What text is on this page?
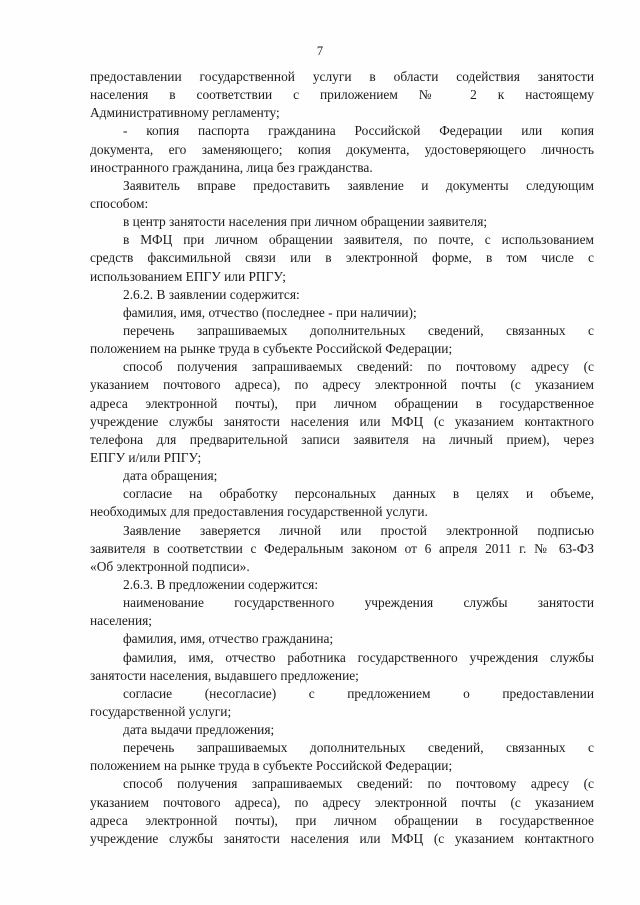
7
предоставлении государственной услуги в области содействия занятости
населения в соответствии с приложением № 2 к настоящему
Административному регламенту;
- копия паспорта гражданина Российской Федерации или копия
документа, его заменяющего; копия документа, удостоверяющего личность
иностранного гражданина, лица без гражданства.
Заявитель вправе предоставить заявление и документы следующим
способом:
в центр занятости населения при личном обращении заявителя;
в МФЦ при личном обращении заявителя, по почте, с использованием
средств факсимильной связи или в электронной форме, в том числе с
использованием ЕПГУ или РПГУ;
2.6.2. В заявлении содержится:
фамилия, имя, отчество (последнее - при наличии);
перечень запрашиваемых дополнительных сведений, связанных с
положением на рынке труда в субъекте Российской Федерации;
способ получения запрашиваемых сведений: по почтовому адресу (с
указанием почтового адреса), по адресу электронной почты (с указанием
адреса электронной почты), при личном обращении в государственное
учреждение службы занятости населения или МФЦ (с указанием контактного
телефона для предварительной записи заявителя на личный прием), через
ЕПГУ и/или РПГУ;
дата обращения;
согласие на обработку персональных данных в целях и объеме,
необходимых для предоставления государственной услуги.
Заявление заверяется личной или простой электронной подписью
заявителя в соответствии с Федеральным законом от 6 апреля 2011 г. № 63-ФЗ
«Об электронной подписи».
2.6.3. В предложении содержится:
наименование государственного учреждения службы занятости
населения;
фамилия, имя, отчество гражданина;
фамилия, имя, отчество работника государственного учреждения службы
занятости населения, выдавшего предложение;
согласие (несогласие) с предложением о предоставлении
государственной услуги;
дата выдачи предложения;
перечень запрашиваемых дополнительных сведений, связанных с
положением на рынке труда в субъекте Российской Федерации;
способ получения запрашиваемых сведений: по почтовому адресу (с
указанием почтового адреса), по адресу электронной почты (с указанием
адреса электронной почты), при личном обращении в государственное
учреждение службы занятости населения или МФЦ (с указанием контактного
